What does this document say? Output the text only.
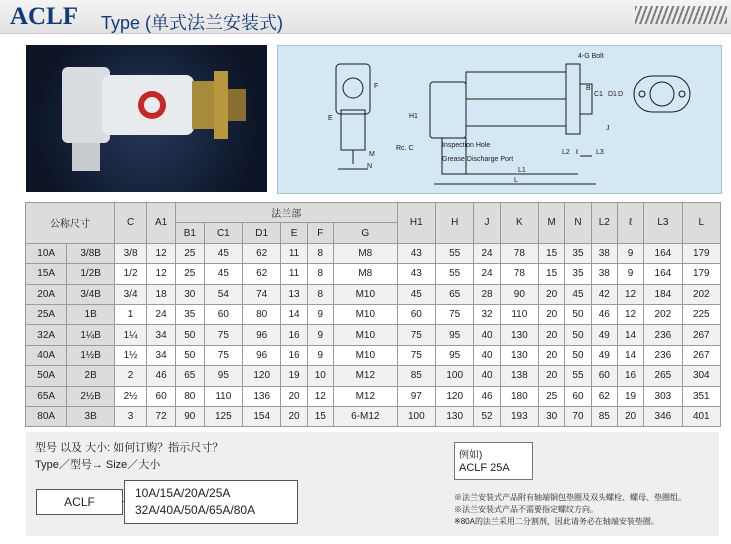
ACLF Type (单式法兰安装式)
4-G Bolt
Inspection Hole
Grease Discharge Port
Rc. C
E
F
M
N
H1
C1 D1
B
D
L1
L2	L3
L
ℓ
J
公称尺寸		C	A1	法兰部						H1	H	J	K	M	N	L2	ℓ	L3	L
				B1	C1	D1	E	F	G										
10A	3/8B	3/8	12	25	45	62	11	8	M8	43	55	24	78	15	35	38	9	164	179
15A	1/2B	1/2	12	25	45	62	11	8	M8	43	55	24	78	15	35	38	9	164	179
20A	3/4B	3/4	18	30	54	74	13	8	M10	45	65	28	90	20	45	42	12	184	202
25A	1B	1	24	35	60	80	14	9	M10	60	75	32	110	20	50	46	12	202	225
32A	1¼B	1¼	34	50	75	96	16	9	M10	75	95	40	130	20	50	49	14	236	267
40A	1½B	1½	34	50	75	96	16	9	M10	75	95	40	130	20	50	49	14	236	267
50A	2B	2	46	65	95	120	19	10	M12	85	100	40	138	20	55	60	16	265	304
65A	2½B	2½	60	80	110	136	20	12	M12	97	120	46	180	25	60	62	19	303	351
80A	3B	3	72	90	125	154	20	15	6-M12	100	130	52	193	30	70	85	20	346	401
型号 以及 大小: 如何订购？指示尺寸？
Type／型号→ Size／大小
ACLF
10A/15A/20A/25A
32A/40A/50A/65A/80A
例如)
ACLF 25A
※法兰安装式产品附有轴端铜包垫圈及双头螺栓、螺母、垫圈组。
※法兰安装式产品不需要指定螺纹方向。
※80A的法兰采用二分割剂，因此请务必在轴端安装垫圈。
